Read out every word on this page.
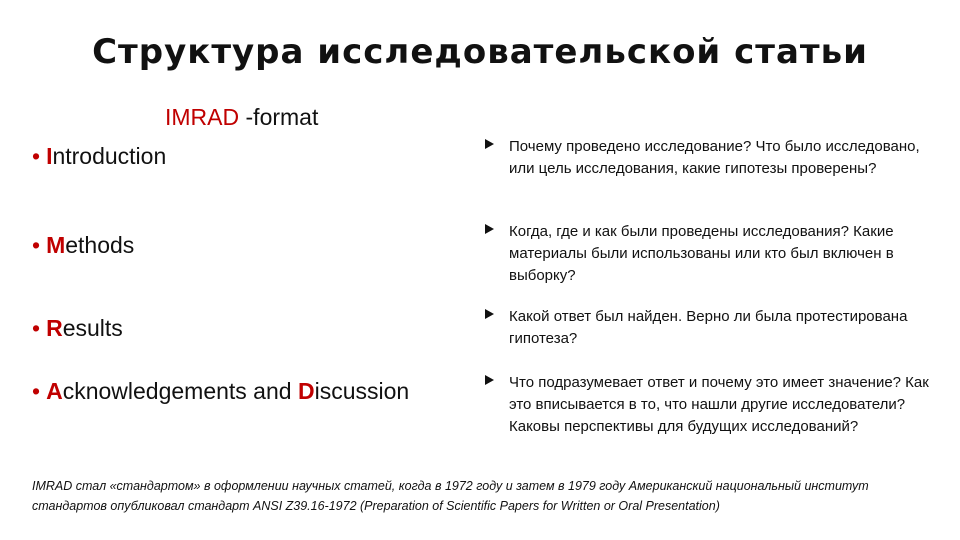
Структура исследовательской статьи
IMRAD -format
• Introduction
• Methods
• Results
• Acknowledgements and Discussion
Почему проведено исследование? Что было исследовано, или цель исследования, какие гипотезы проверены?
Когда, где и как были проведены исследования? Какие материалы были использованы или кто был включен в выборку?
Какой ответ был найден. Верно ли была протестирована гипотеза?
Что подразумевает ответ и почему это имеет значение? Как это вписывается в то, что нашли другие исследователи? Каковы перспективы для будущих исследований?
IMRAD стал «стандартом» в оформлении научных статей, когда в 1972 году и затем в 1979 году Американский национальный институт стандартов опубликовал стандарт ANSI Z39.16-1972 (Preparation of Scientific Papers for Written or Oral Presentation)
